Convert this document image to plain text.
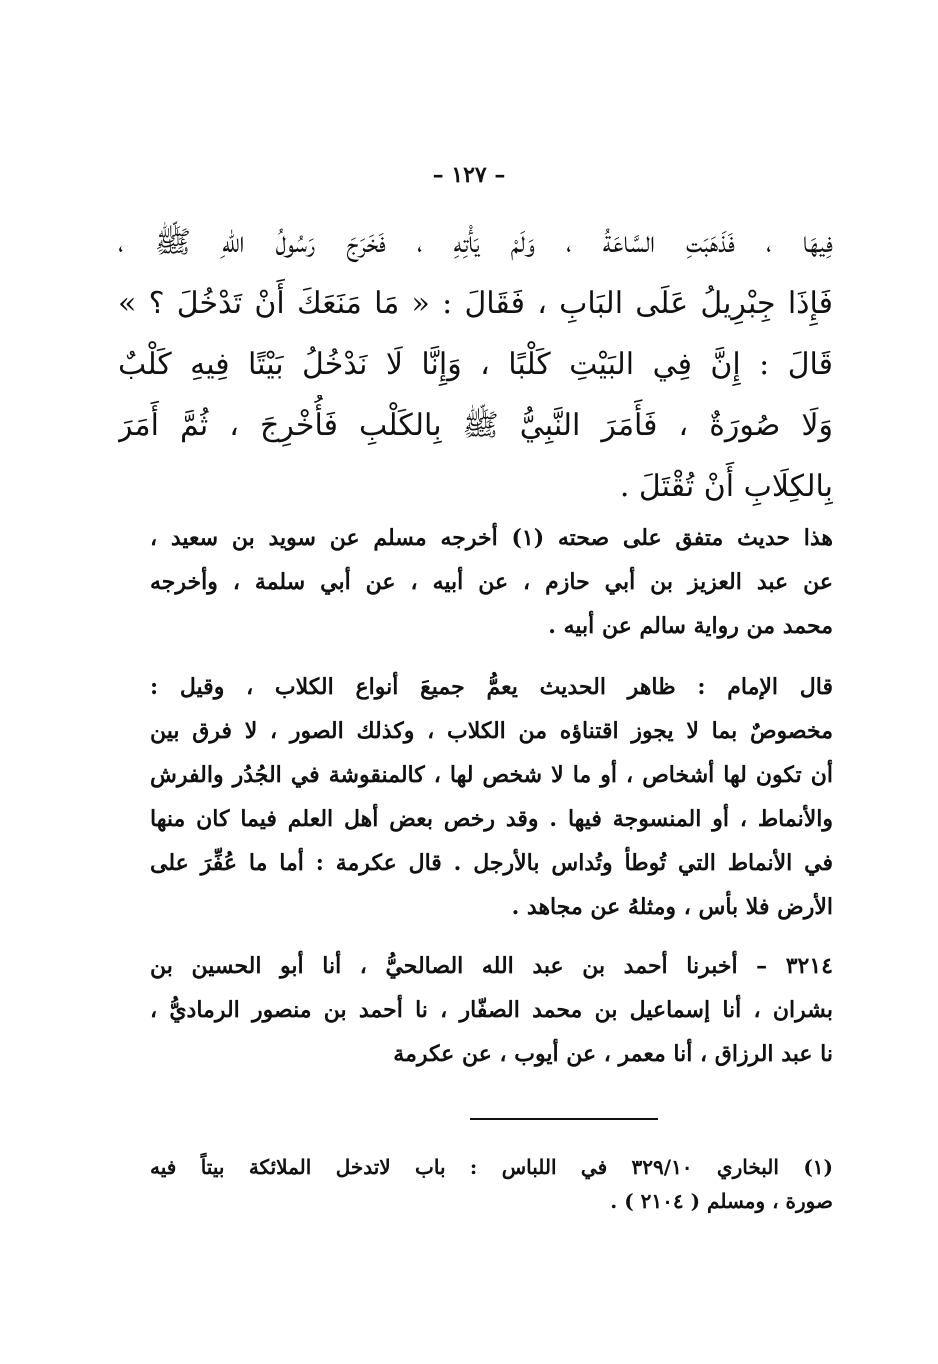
– ١٢٧ –
فِيهَا ، فَذَهَبَتِ السَّاعَةُ ، وَلَمْ يَأْتِهِ ، فَخَرَجَ رَسُولُ اللهِ ﷺ ،
فَإِذَا جِبْرِيلُ عَلَى البَابِ ، فَقَالَ : « مَا مَنَعَكَ أَنْ تَدْخُلَ ؟ »
قَالَ : إِنَّ فِي البَيْتِ كَلْبًا ، وَإِنَّا لَا نَدْخُلُ بَيْتًا فِيهِ كَلْبٌ
وَلَا صُورَةٌ ، فَأَمَرَ النَّبِيُّ ﷺ بِالكَلْبِ فَأُخْرِجَ ، ثُمَّ أَمَرَ
بِالكِلَابِ أَنْ تُقْتَلَ .
هذا حديث متفق على صحته (١) أخرجه مسلم عن سويد بن سعيد ،
عن عبد العزيز بن أبي حازم ، عن أبيه ، عن أبي سلمة ، وأخرجه
محمد من رواية سالم عن أبيه .
قال الإمام : ظاهر الحديث يعمُّ جميعَ أنواع الكلاب ، وقيل :
مخصوصٌ بما لا يجوز اقتناؤه من الكلاب ، وكذلك الصور ، لا فرق بين
أن تكون لها أشخاص ، أو ما لا شخص لها ، كالمنقوشة في الجُدُر والفرش
والأنماط ، أو المنسوجة فيها . وقد رخص بعض أهل العلم فيما كان منها
في الأنماط التي تُوطأ وتُداس بالأرجل . قال عكرمة : أما ما عُفِّرَ على
الأرض فلا بأس ، ومثلهُ عن مجاهد .
٣٢١٤ – أخبرنا أحمد بن عبد الله الصالحيُّ ، أنا أبو الحسين بن
بشران ، أنا إسماعيل بن محمد الصفّار ، نا أحمد بن منصور الرماديُّ ،
نا عبد الرزاق ، أنا معمر ، عن أيوب ، عن عكرمة
(١) البخاري ٣٢٩/١٠ في اللباس : باب لاتدخل الملائكة بيتاً فيه
صورة ، ومسلم ( ٢١٠٤ ) .
